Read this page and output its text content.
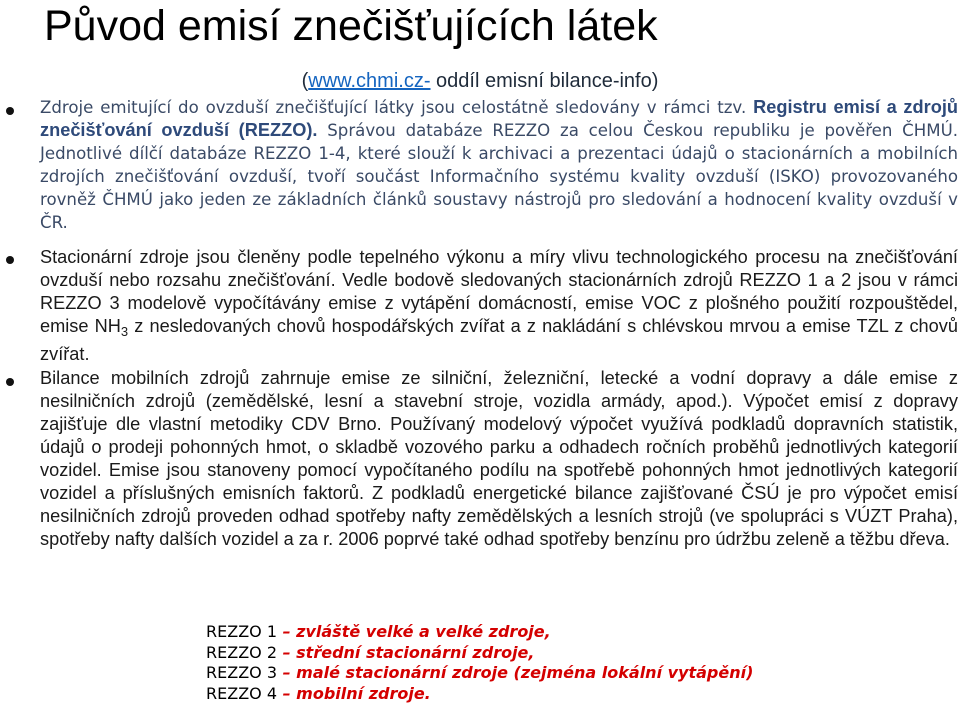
Původ emisí znečišťujících látek
(www.chmi.cz- oddíl emisní bilance-info)
Zdroje emitující do ovzduší znečišťující látky jsou celostátně sledovány v rámci tzv. Registru emisí a zdrojů znečišťování ovzduší (REZZO). Správou databáze REZZO za celou Českou republiku je pověřen ČHMÚ. Jednotlivé dílčí databáze REZZO 1-4, které slouží k archivaci a prezentaci údajů o stacionárních a mobilních zdrojích znečišťování ovzduší, tvoří součást Informačního systému kvality ovzduší (ISKO) provozovaného rovněž ČHMÚ jako jeden ze základních článků soustavy nástrojů pro sledování a hodnocení kvality ovzduší v ČR.
Stacionární zdroje jsou členěny podle tepelného výkonu a míry vlivu technologického procesu na znečišťování ovzduší nebo rozsahu znečišťování. Vedle bodově sledovaných stacionárních zdrojů REZZO 1 a 2 jsou v rámci REZZO 3 modelově vypočítávány emise z vytápění domácností, emise VOC z plošného použití rozpouštědel, emise $NH_3$ z nesledovaných chovů hospodářských zvířat a z nakládání s chlévskou mrvou a emise TZL z chovů zvířat.
Bilance mobilních zdrojů zahrnuje emise ze silniční, železniční, letecké a vodní dopravy a dále emise z nesilničních zdrojů (zemědělské, lesní a stavební stroje, vozidla armády, apod.). Výpočet emisí z dopravy zajišťuje dle vlastní metodiky CDV Brno. Používaný modelový výpočet využívá podkladů dopravních statistik, údajů o prodeji pohonných hmot, o skladbě vozového parku a odhadech ročních proběhů jednotlivých kategorií vozidel. Emise jsou stanoveny pomocí vypočítaného podílu na spotřebě pohonných hmot jednotlivých kategorií vozidel a příslušných emisních faktorů. Z podkladů energetické bilance zajišťované ČSÚ je pro výpočet emisí nesilničních zdrojů proveden odhad spotřeby nafty zemědělských a lesních strojů (ve spolupráci s VÚZT Praha), spotřeby nafty dalších vozidel a za r. 2006 poprvé také odhad spotřeby benzínu pro údržbu zeleně a těžbu dřeva.
REZZO 1 – zvláště velké a velké zdroje,
REZZO 2 – střední stacionární zdroje,
REZZO 3 – malé stacionární zdroje (zejména lokální vytápění)
REZZO 4 – mobilní zdroje.
